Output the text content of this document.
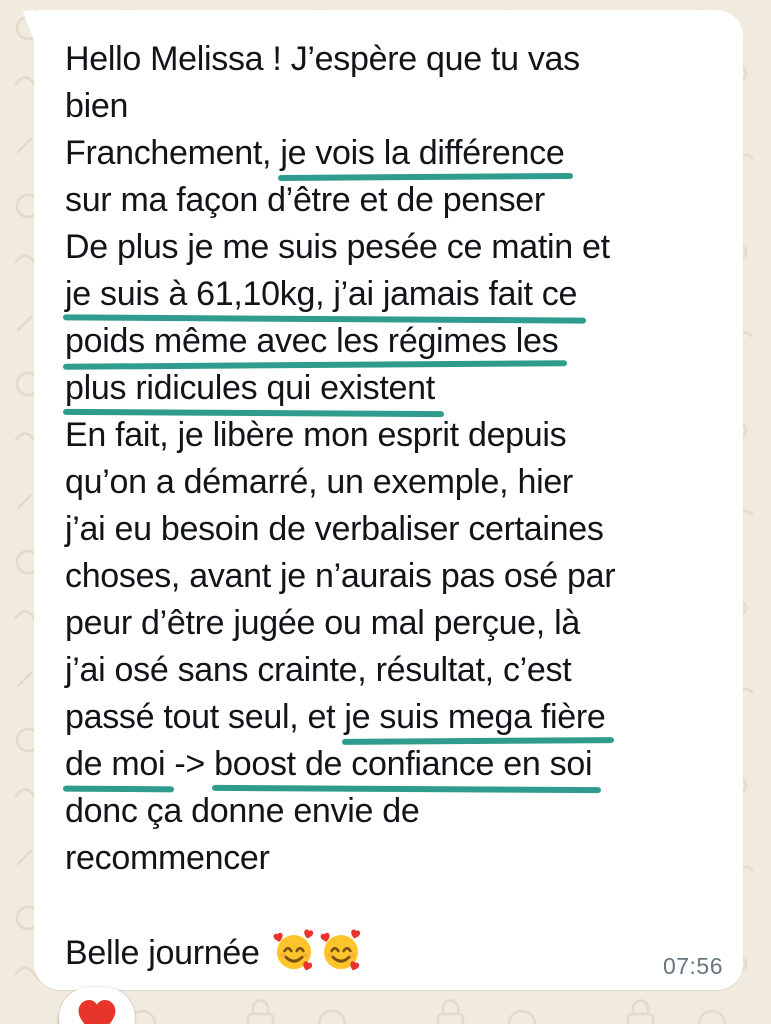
Hello Melissa ! J’espère que tu vas
bien
Franchement, je vois la différence
sur ma façon d’être et de penser
De plus je me suis pesée ce matin et
je suis à 61,10kg, j’ai jamais fait ce
poids même avec les régimes les
plus ridicules qui existent
En fait, je libère mon esprit depuis
qu’on a démarré, un exemple, hier
j’ai eu besoin de verbaliser certaines
choses, avant je n’aurais pas osé par
peur d’être jugée ou mal perçue, là
j’ai osé sans crainte, résultat, c’est
passé tout seul, et je suis mega fière
de moi -> boost de confiance en soi
donc ça donne envie de
recommencer

Belle journée	07:56
